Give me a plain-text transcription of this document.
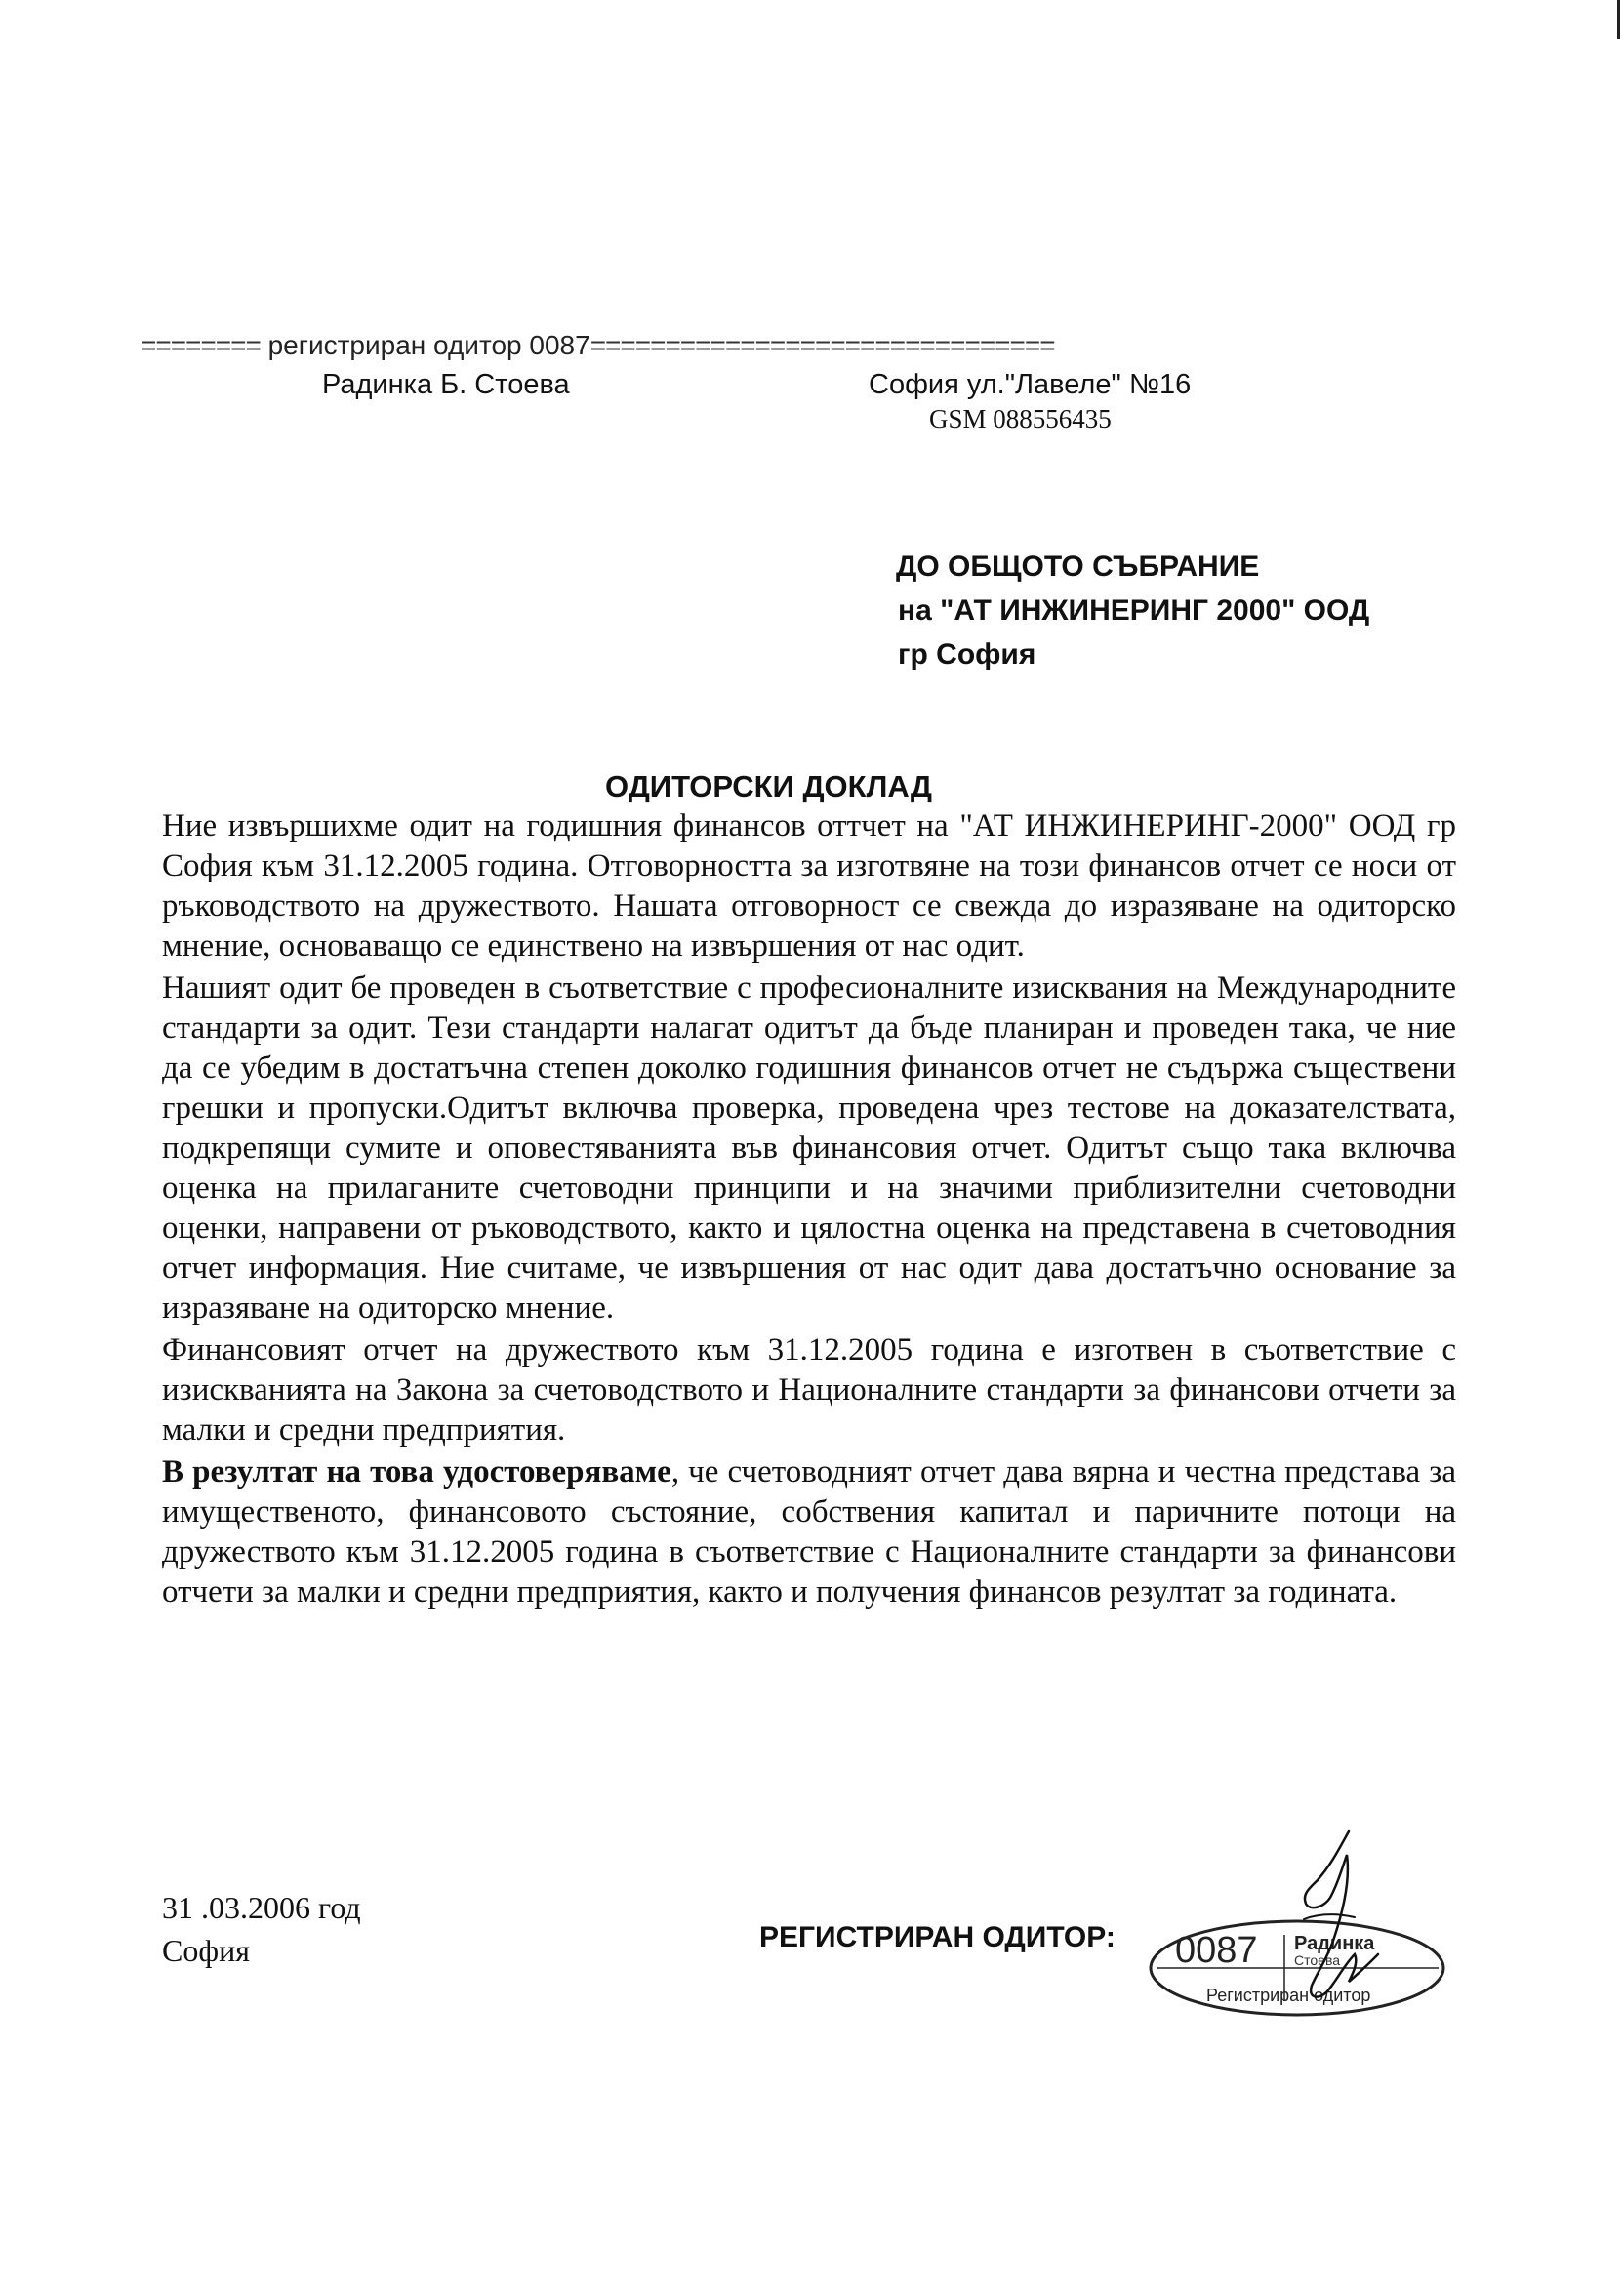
======== регистриран одитор 0087===============================
Радинка Б. Стоева	София ул."Лавеле" №16
GSM 088556435
ДО ОБЩОТО СЪБРАНИЕ
на "АТ ИНЖИНЕРИНГ 2000" ООД
гр София
ОДИТОРСКИ ДОКЛАД

Ние извършихме одит на годишния финансов оттчет на "АТ ИНЖИНЕРИНГ-2000" ООД гр София към 31.12.2005 година. Отговорността за изготвяне на този финансов отчет се носи от ръководството на дружеството. Нашата отговорност се свежда до изразяване на одиторско мнение, основаващо се единствено на извършения от нас одит.

Нашият одит бе проведен в съответствие с професионалните изисквания на Международните стандарти за одит. Тези стандарти налагат одитът да бъде планиран и проведен така, че ние да се убедим в достатъчна степен доколко годишния финансов отчет не съдържа съществени грешки и пропуски.Одитът включва проверка, проведена чрез тестове на доказателствата, подкрепящи сумите и оповестяванията във финансовия отчет. Одитът също така включва оценка на прилаганите счетоводни принципи и на значими приблизителни счетоводни оценки, направени от ръководството, както и цялостна оценка на представена в счетоводния отчет информация. Ние считаме, че извършения от нас одит дава достатъчно основание за изразяване на одиторско мнение.

Финансовият отчет на дружеството към 31.12.2005 година е изготвен в съответствие с изискванията на Закона за счетоводството и Националните стандарти за финансови отчети за малки и средни предприятия.

В резултат на това удостоверяваме, че счетоводният отчет дава вярна и честна представа за имущественото, финансовото състояние, собствения капитал и паричните потоци на дружеството към 31.12.2005 година в съответствие с Националните стандарти за финансови отчети за малки и средни предприятия, както и получения финансов резултат за годината.

31 .03.2006 год
София	РЕГИСТРИРАН ОДИТОР: 0087 Радинка
Стоева
Регистриран одитор
